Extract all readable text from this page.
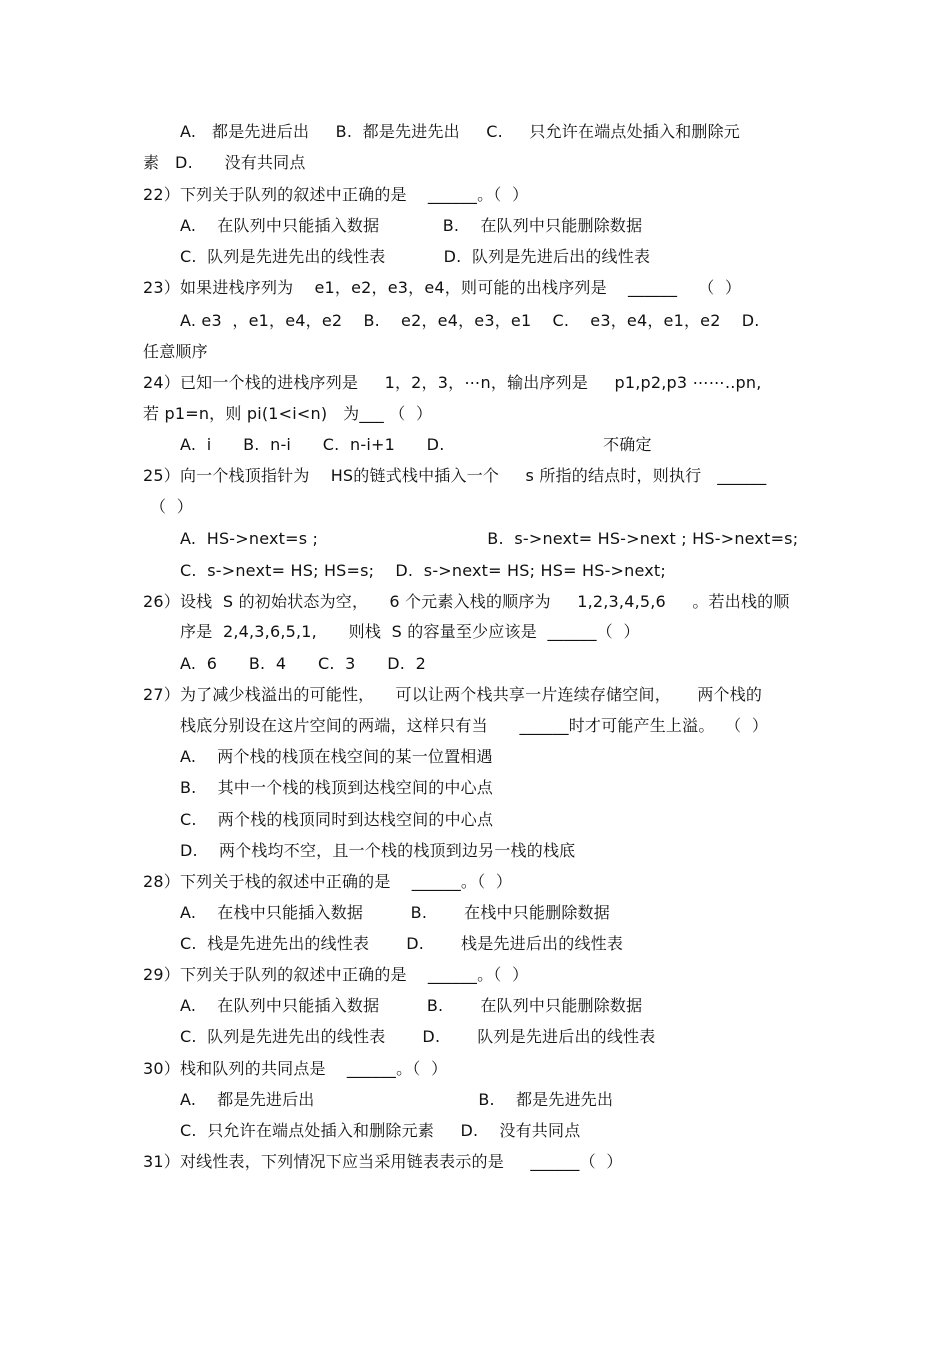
A.   都是先进后出     B.  都是先进先出     C.     只允许在端点处插入和删除元
素   D.      没有共同点
22）下列关于队列的叙述中正确的是    ______。（  ）
A.    在队列中只能插入数据            B.    在队列中只能删除数据
C.  队列是先进先出的线性表           D.  队列是先进后出的线性表
23）如果进栈序列为    e1，e2，e3，e4，则可能的出栈序列是    ______    （  ）
A. e3  ，e1，e4，e2    B.    e2，e4，e3，e1    C.    e3，e4，e1，e2    D.
任意顺序
24）已知一个栈的进栈序列是     1，2，3，⋯n，输出序列是     p1,p2,p3 ⋯⋯..pn,
若 p1=n，则 pi(1<i<n)   为___ （  ）
A.  i      B.  n-i      C.  n-i+1      D.                              不确定
25）向一个栈顶指针为    HS的链式栈中插入一个     s 所指的结点时，则执行   ______
（  ）
A.  HS->next=s ;                                B.  s->next= HS->next ; HS->next=s;
C.  s->next= HS; HS=s;    D.  s->next= HS; HS= HS->next;
26）设栈  S 的初始状态为空，    6 个元素入栈的顺序为     1,2,3,4,5,6     。若出栈的顺
序是  2,4,3,6,5,1,      则栈  S 的容量至少应该是  ______（  ）
A.  6      B.  4      C.  3      D.  2
27）为了减少栈溢出的可能性，    可以让两个栈共享一片连续存储空间，     两个栈的
栈底分别设在这片空间的两端，这样只有当      ______时才可能产生上溢。  （  ）
A.    两个栈的栈顶在栈空间的某一位置相遇
B.    其中一个栈的栈顶到达栈空间的中心点
C.    两个栈的栈顶同时到达栈空间的中心点
D.    两个栈均不空，且一个栈的栈顶到边另一栈的栈底
28）下列关于栈的叙述中正确的是    ______。（  ）
A.    在栈中只能插入数据         B.       在栈中只能删除数据
C.  栈是先进先出的线性表       D.       栈是先进后出的线性表
29）下列关于队列的叙述中正确的是    ______。（  ）
A.    在队列中只能插入数据         B.       在队列中只能删除数据
C.  队列是先进先出的线性表       D.       队列是先进后出的线性表
30）栈和队列的共同点是    ______。（  ）
A.    都是先进后出                               B.    都是先进先出
C.  只允许在端点处插入和删除元素     D.    没有共同点
31）对线性表，下列情况下应当采用链表表示的是     ______（  ）
